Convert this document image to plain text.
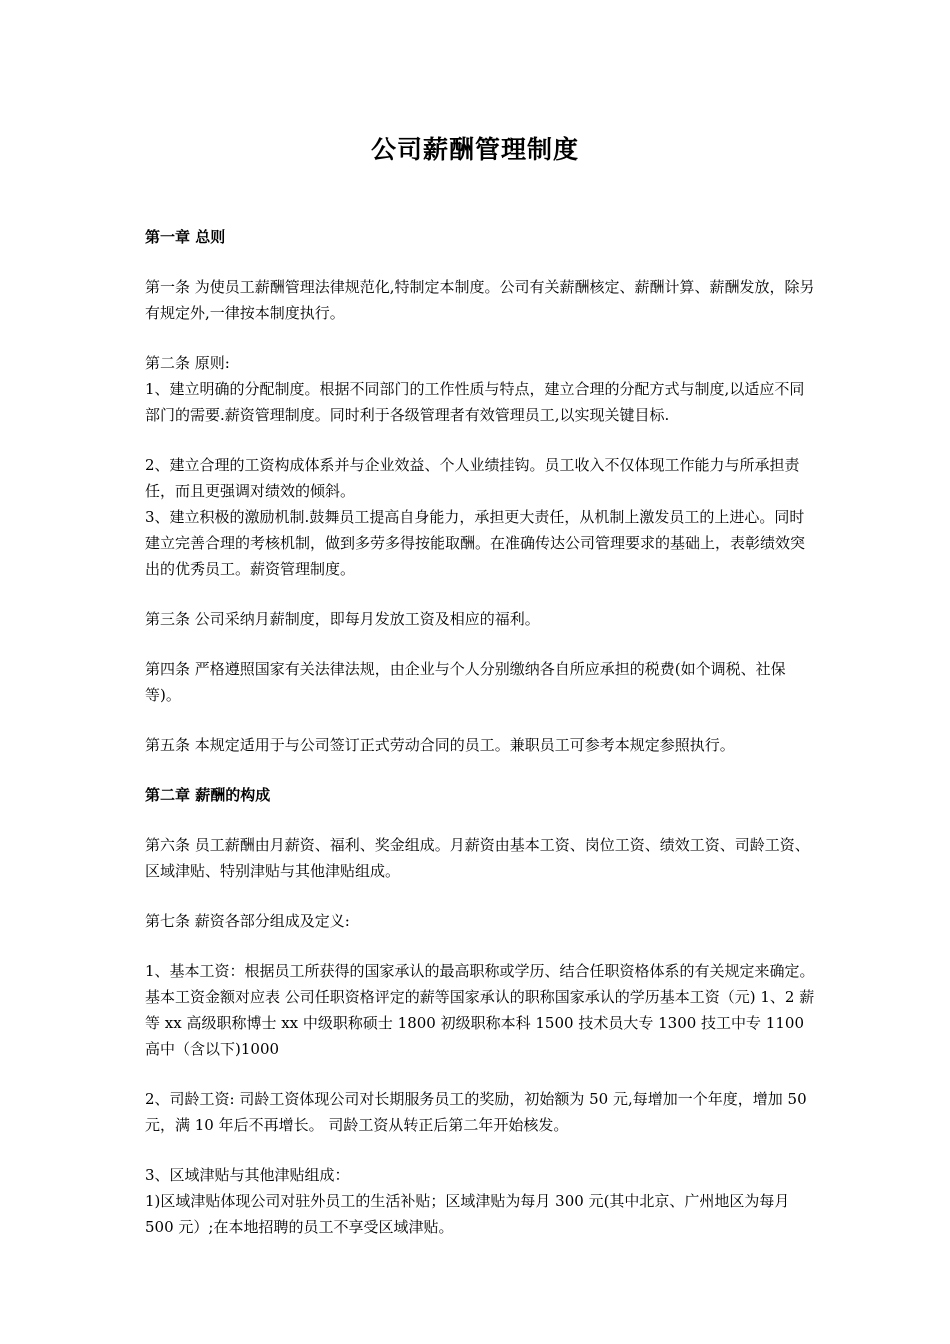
公司薪酬管理制度

第一章 总则

第一条 为使员工薪酬管理法律规范化,特制定本制度。公司有关薪酬核定、薪酬计算、薪酬发放，除另有规定外,一律按本制度执行。

第二条 原则:

1、建立明确的分配制度。根据不同部门的工作性质与特点，建立合理的分配方式与制度,以适应不同部门的需要.薪资管理制度。同时利于各级管理者有效管理员工,以实现关键目标.

2、建立合理的工资构成体系并与企业效益、个人业绩挂钩。员工收入不仅体现工作能力与所承担责任，而且更强调对绩效的倾斜。

3、建立积极的激励机制.鼓舞员工提高自身能力，承担更大责任，从机制上激发员工的上进心。同时建立完善合理的考核机制，做到多劳多得按能取酬。在准确传达公司管理要求的基础上，表彰绩效突出的优秀员工。薪资管理制度。

第三条 公司采纳月薪制度，即每月发放工资及相应的福利。

第四条 严格遵照国家有关法律法规，由企业与个人分别缴纳各自所应承担的税费(如个调税、社保等)。

第五条 本规定适用于与公司签订正式劳动合同的员工。兼职员工可参考本规定参照执行。

第二章 薪酬的构成

第六条 员工薪酬由月薪资、福利、奖金组成。月薪资由基本工资、岗位工资、绩效工资、司龄工资、区域津贴、特别津贴与其他津贴组成。

第七条 薪资各部分组成及定义:

1、基本工资：根据员工所获得的国家承认的最高职称或学历、结合任职资格体系的有关规定来确定。 基本工资金额对应表 公司任职资格评定的薪等国家承认的职称国家承认的学历基本工资（元) 1、2 薪等 xx 高级职称博士 xx 中级职称硕士 1800 初级职称本科 1500 技术员大专 1300 技工中专 1100 高中（含以下)1000

2、司龄工资: 司龄工资体现公司对长期服务员工的奖励，初始额为 50 元,每增加一个年度，增加 50 元，满 10 年后不再增长。 司龄工资从转正后第二年开始核发。

3、区域津贴与其他津贴组成：

1)区域津贴体现公司对驻外员工的生活补贴；区域津贴为每月 300 元(其中北京、广州地区为每月 500 元）;在本地招聘的员工不享受区域津贴。
